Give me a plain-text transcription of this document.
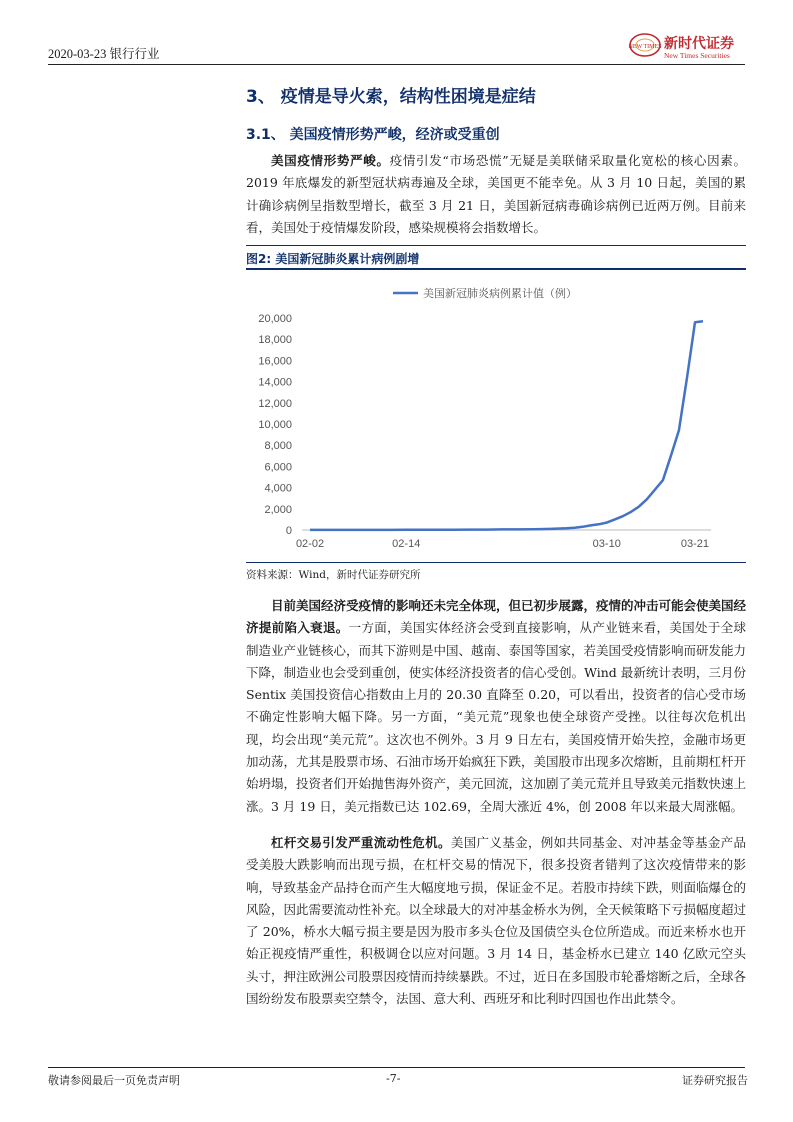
2020-03-23 银行行业	NEW TIMES 新时代证券
New Times Securities
3、 疫情是导火索，结构性困境是症结
3.1、 美国疫情形势严峻，经济或受重创
美国疫情形势严峻。疫情引发“市场恐慌”无疑是美联储采取量化宽松的核心因素。2019 年底爆发的新型冠状病毒遍及全球，美国更不能幸免。从 3 月 10 日起，美国的累计确诊病例呈指数型增长，截至 3 月 21 日，美国新冠病毒确诊病例已近两万例。目前来看，美国处于疫情爆发阶段，感染规模将会指数增长。
图2: 美国新冠肺炎累计病例剧增
美国新冠肺炎病例累计值（例）
0
2,000
4,000
6,000
8,000
10,000
12,000
14,000
16,000
18,000
20,000
02-02	02-14	03-10	03-21
资料来源：Wind，新时代证券研究所
目前美国经济受疫情的影响还未完全体现，但已初步展露，疫情的冲击可能会使美国经济提前陷入衰退。一方面，美国实体经济会受到直接影响，从产业链来看，美国处于全球制造业产业链核心，而其下游则是中国、越南、泰国等国家，若美国受疫情影响而研发能力下降，制造业也会受到重创，使实体经济投资者的信心受创。Wind 最新统计表明，三月份 Sentix 美国投资信心指数由上月的 20.30 直降至 0.20，可以看出，投资者的信心受市场不确定性影响大幅下降。另一方面，“美元荒”现象也使全球资产受挫。以往每次危机出现，均会出现“美元荒”。这次也不例外。3 月 9 日左右，美国疫情开始失控，金融市场更加动荡，尤其是股票市场、石油市场开始疯狂下跌，美国股市出现多次熔断，且前期杠杆开始坍塌，投资者们开始抛售海外资产，美元回流，这加剧了美元荒并且导致美元指数快速上涨。3 月 19 日，美元指数已达 102.69，全周大涨近 4%，创 2008 年以来最大周涨幅。
杠杆交易引发严重流动性危机。美国广义基金，例如共同基金、对冲基金等基金产品受美股大跌影响而出现亏损，在杠杆交易的情况下，很多投资者错判了这次疫情带来的影响，导致基金产品持仓而产生大幅度地亏损，保证金不足。若股市持续下跌，则面临爆仓的风险，因此需要流动性补充。以全球最大的对冲基金桥水为例，全天候策略下亏损幅度超过了 20%，桥水大幅亏损主要是因为股市多头仓位及国债空头仓位所造成。而近来桥水也开始正视疫情严重性，积极调仓以应对问题。3 月 14 日，基金桥水已建立 140 亿欧元空头头寸，押注欧洲公司股票因疫情而持续暴跌。不过，近日在多国股市轮番熔断之后，全球各国纷纷发布股票卖空禁令，法国、意大利、西班牙和比利时四国也作出此禁令。
敬请参阅最后一页免责声明	-7-	证券研究报告
